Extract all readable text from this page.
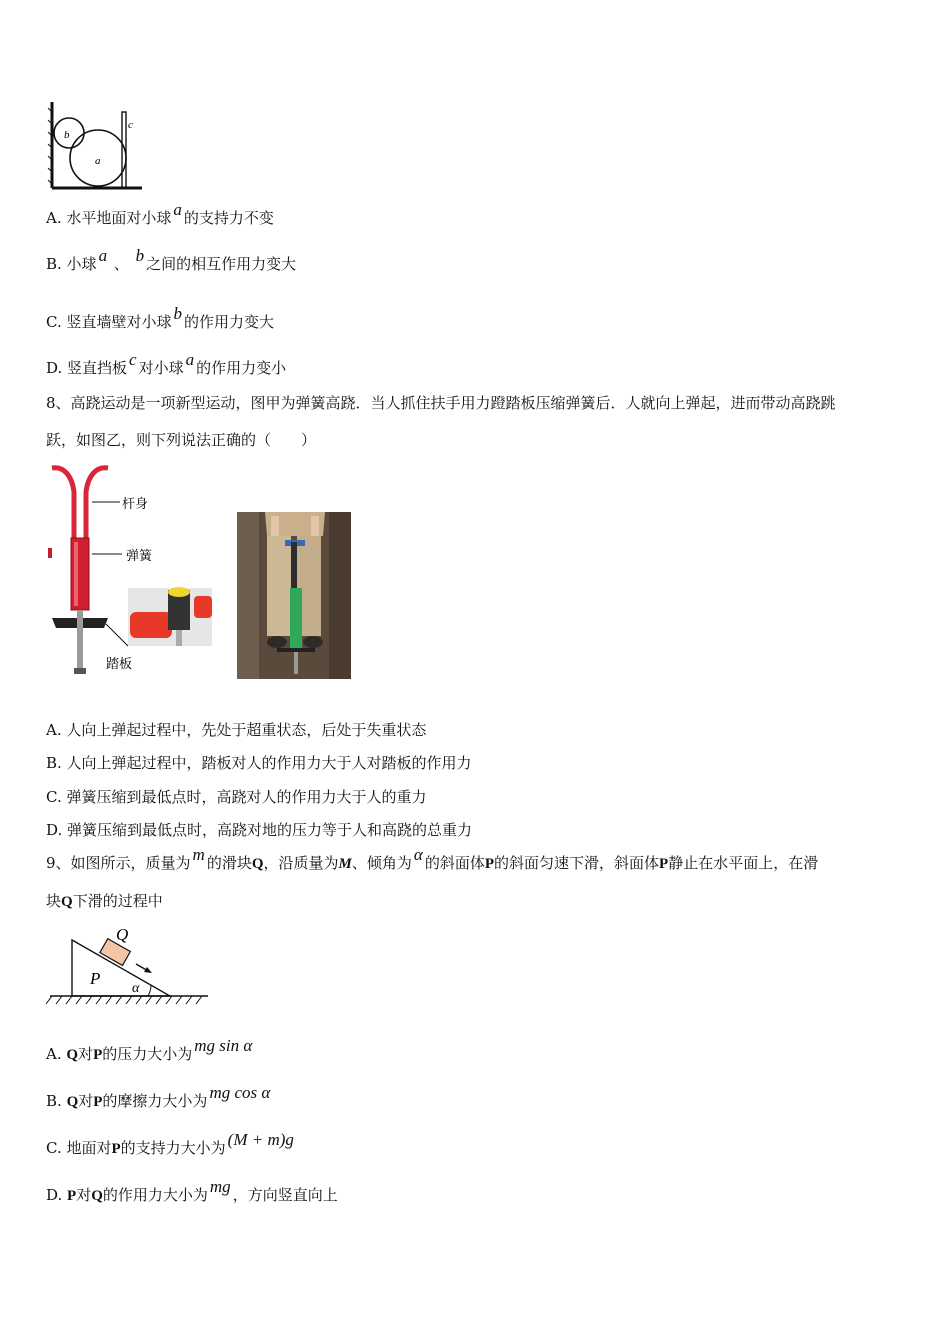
b
a
c
A. 水平地面对小球 a 的支持力不变
B. 小球 a 、 b 之间的相互作用力变大
C. 竖直墙壁对小球 b 的作用力变大
D. 竖直挡板 c 对小球 a 的作用力变小
8、高跷运动是一项新型运动，图甲为弹簧高跷．当人抓住扶手用力蹬踏板压缩弹簧后．人就向上弹起，进而带动高跷跳
跃，如图乙，则下列说法正确的（　　）
杆身
弹簧
踏板
A. 人向上弹起过程中，先处于超重状态，后处于失重状态
B. 人向上弹起过程中，踏板对人的作用力大于人对踏板的作用力
C. 弹簧压缩到最低点时，高跷对人的作用力大于人的重力
D. 弹簧压缩到最低点时，高跷对地的压力等于人和高跷的总重力
9、如图所示，质量为 m 的滑块Q，沿质量为M、倾角为 α 的斜面体P的斜面匀速下滑，斜面体P静止在水平面上，在滑
块Q下滑的过程中
Q
P
α
A. Q对P的压力大小为 mg sin α
B. Q对P的摩擦力大小为 mg cos α
C. 地面对P的支持力大小为 (M + m)g
D. P对Q的作用力大小为 mg ，方向竖直向上
